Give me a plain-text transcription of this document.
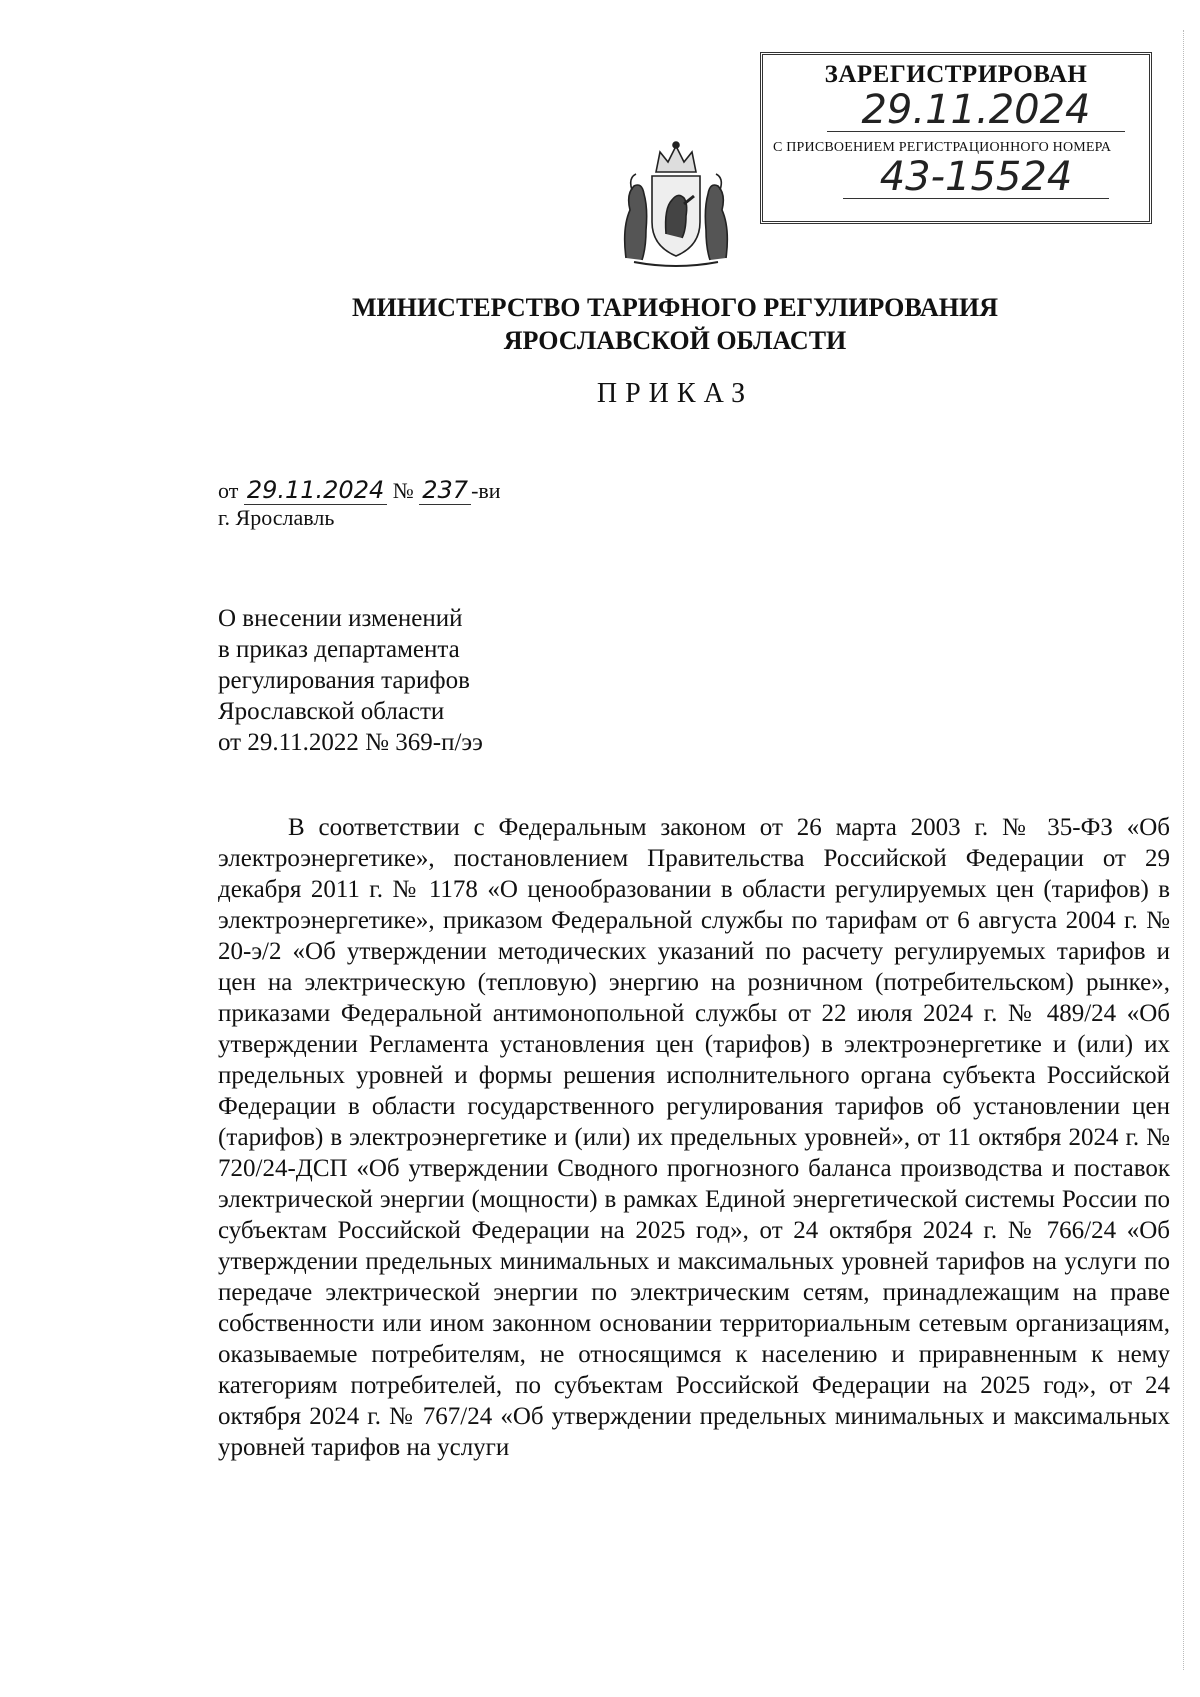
ЗАРЕГИСТРИРОВАН
29.11.2024
С ПРИСВОЕНИЕМ РЕГИСТРАЦИОННОГО НОМЕРА
43-15524
МИНИСТЕРСТВО ТАРИФНОГО РЕГУЛИРОВАНИЯ
ЯРОСЛАВСКОЙ ОБЛАСТИ
ПРИКАЗ
от 29.11.2024 № 237 -ви
г. Ярославль
О внесении изменений
в приказ департамента
регулирования тарифов
Ярославской области
от 29.11.2022 № 369-п/ээ

В соответствии с Федеральным законом от 26 марта 2003 г. № 35-ФЗ «Об электроэнергетике», постановлением Правительства Российской Федерации от 29 декабря 2011 г. № 1178 «О ценообразовании в области регулируемых цен (тарифов) в электроэнергетике», приказом Федеральной службы по тарифам от 6 августа 2004 г. № 20-э/2 «Об утверждении методических указаний по расчету регулируемых тарифов и цен на электрическую (тепловую) энергию на розничном (потребительском) рынке», приказами Федеральной антимонопольной службы от 22 июля 2024 г. № 489/24 «Об утверждении Регламента установления цен (тарифов) в электроэнергетике и (или) их предельных уровней и формы решения исполнительного органа субъекта Российской Федерации в области государственного регулирования тарифов об установлении цен (тарифов) в электроэнергетике и (или) их предельных уровней», от 11 октября 2024 г. № 720/24-ДСП «Об утверждении Сводного прогнозного баланса производства и поставок электрической энергии (мощности) в рамках Единой энергетической системы России по субъектам Российской Федерации на 2025 год», от 24 октября 2024 г. № 766/24 «Об утверждении предельных минимальных и максимальных уровней тарифов на услуги по передаче электрической энергии по электрическим сетям, принадлежащим на праве собственности или ином законном основании территориальным сетевым организациям, оказываемые потребителям, не относящимся к населению и приравненным к нему категориям потребителей, по субъектам Российской Федерации на 2025 год», от 24 октября 2024 г. № 767/24 «Об утверждении предельных минимальных и максимальных уровней тарифов на услуги
